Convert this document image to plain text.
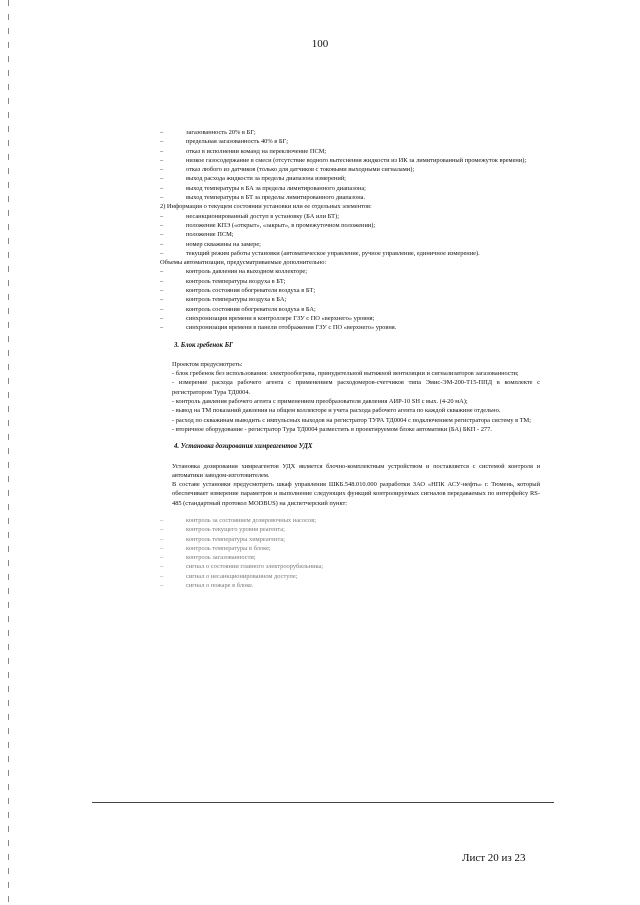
100
– загазованность 20% в БГ;
– предельная загазованность 40% в БГ;
– отказ в исполнении команд на переключение ПСМ;
– низкое газосодержание в смеси (отсутствие водного вытеснения жидкости из ИК за лимитированный промежуток времени);
– отказ любого из датчиков (только для датчиков с токовыми выходными сигналами);
– выход расхода жидкости за пределы диапазона измерений;
– выход температуры в БА за пределы лимитированного диапазона;
– выход температуры в БТ за пределы лимитированного диапазона.
2) Информация о текущем состоянии установки или ее отдельных элементов:
– несанкционированный доступ в установку (БА или БТ);
– положение КПЭ («открыт», «закрыт», в промежуточном положении);
– положение ПСМ;
– номер скважины на замере;
– текущий режим работы установки (автоматическое управление, ручное управление, единичное измерение).
Объемы автоматизации, предусматриваемые дополнительно:
– контроль давления на выходном коллекторе;
– контроль температуры воздуха в БТ;
– контроль состояния обогревателя воздуха в БТ;
– контроль температуры воздуха в БА;
– контроль состояния обогревателя воздуха в БА;
– синхронизация времени в контроллере ГЗУ с ПО «верхнего» уровня;
– синхронизация времени в панели отображения ГЗУ с ПО «верхнего» уровня.
3. Блок гребенок БГ
Проектом предусмотреть:
- блок гребенок без использования: электрообогрева, принудительной вытяжной вентиляции и сигнализаторов загазованности;
- измерение расхода рабочего агента с применением расходомеров-счетчиков типа Эмис-ЭМ-200-Т15-ППД в комплекте с регистратором Тура ТД0004.
- контроль давления рабочего агента с применением преобразователя давления АИР-10 SH с вых. (4-20 мА);
- вывод на ТМ показаний давления на общем коллекторе и учета расхода рабочего агента по каждой скважине отдельно.
- расход по скважинам выводить с импульсных выходов на регистратор ТУРА ТД0004 с подключением регистратора систему в ТМ;
- вторичное оборудование - регистратор Тура ТД0004 разместить в проектируемом блоке автоматики (БА) БКП - 277.
4. Установка дозирования химреагентов УДХ
Установка дозирования химреагентов УДХ является блочно-комплектным устройством и поставляется с системой контроля и автоматики заводом-изготовителем.
В составе установки предусмотреть шкаф управления ШКБ.548.010.000 разработки ЗАО «НПК АСУ-нефть» г. Тюмень, который обеспечивает измерение параметров и выполнение следующих функций контролируемых сигналов передаваемых по интерфейсу RS-485 (стандартный протокол MODBUS) на диспетчерский пункт:
– контроль за состоянием дозировочных насосов;
– контроль текущего уровня реагента;
– контроль температуры химреагента;
– контроль температуры в блоке;
– контроль загазованности;
– сигнал о состоянии главного электроорубильника;
– сигнал о несанкционированном доступе;
– сигнал о пожаре в блоке.
Лист 20 из 23
